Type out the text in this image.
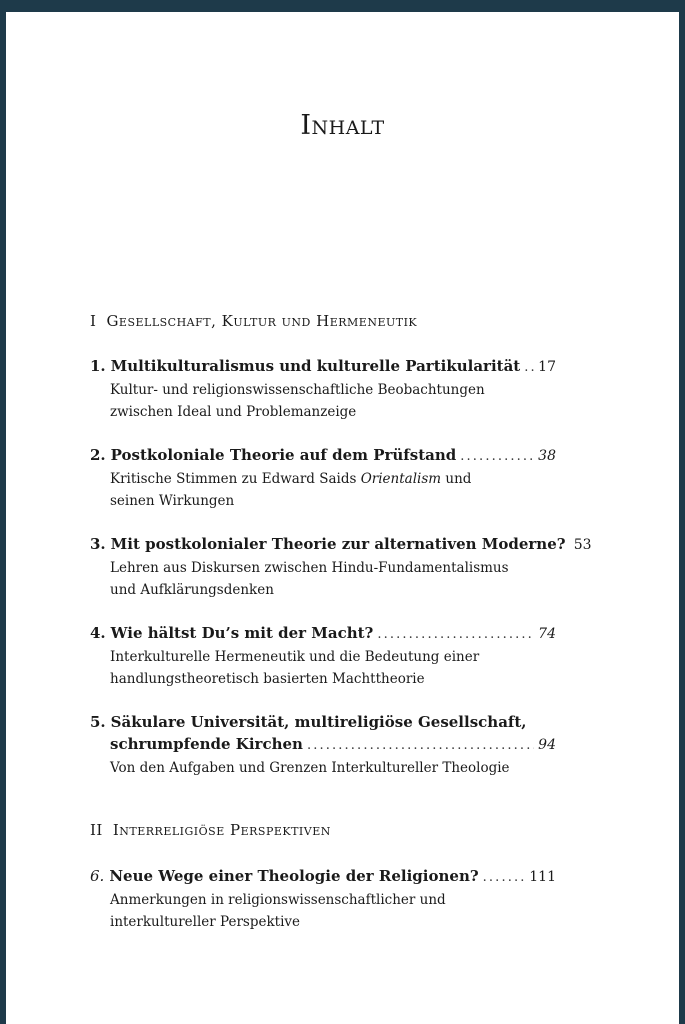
Inhalt
I Gesellschaft, Kultur und Hermeneutik
1. Multikulturalismus und kulturelle Partikularität . . . 17
Kultur- und religionswissenschaftliche Beobachtungen
zwischen Ideal und Problemanzeige
2. Postkoloniale Theorie auf dem Prüfstand . . .	38
Kritische Stimmen zu Edward Saids Orientalism und
seinen Wirkungen
3. Mit postkolonialer Theorie zur alternativen Moderne? 53
Lehren aus Diskursen zwischen Hindu-Fundamentalismus
und Aufklärungsdenken
4. Wie hältst Du’s mit der Macht? . . .	74
Interkulturelle Hermeneutik und die Bedeutung einer
handlungstheoretisch basierten Machttheorie
5. Säkulare Universität, multireligiöse Gesellschaft,
schrumpfende Kirchen . . .	94
Von den Aufgaben und Grenzen Interkultureller Theologie
II Interreligiöse Perspektiven
6. Neue Wege einer Theologie der Religionen? . . .	111
Anmerkungen in religionswissenschaftlicher und
interkultureller Perspektive
